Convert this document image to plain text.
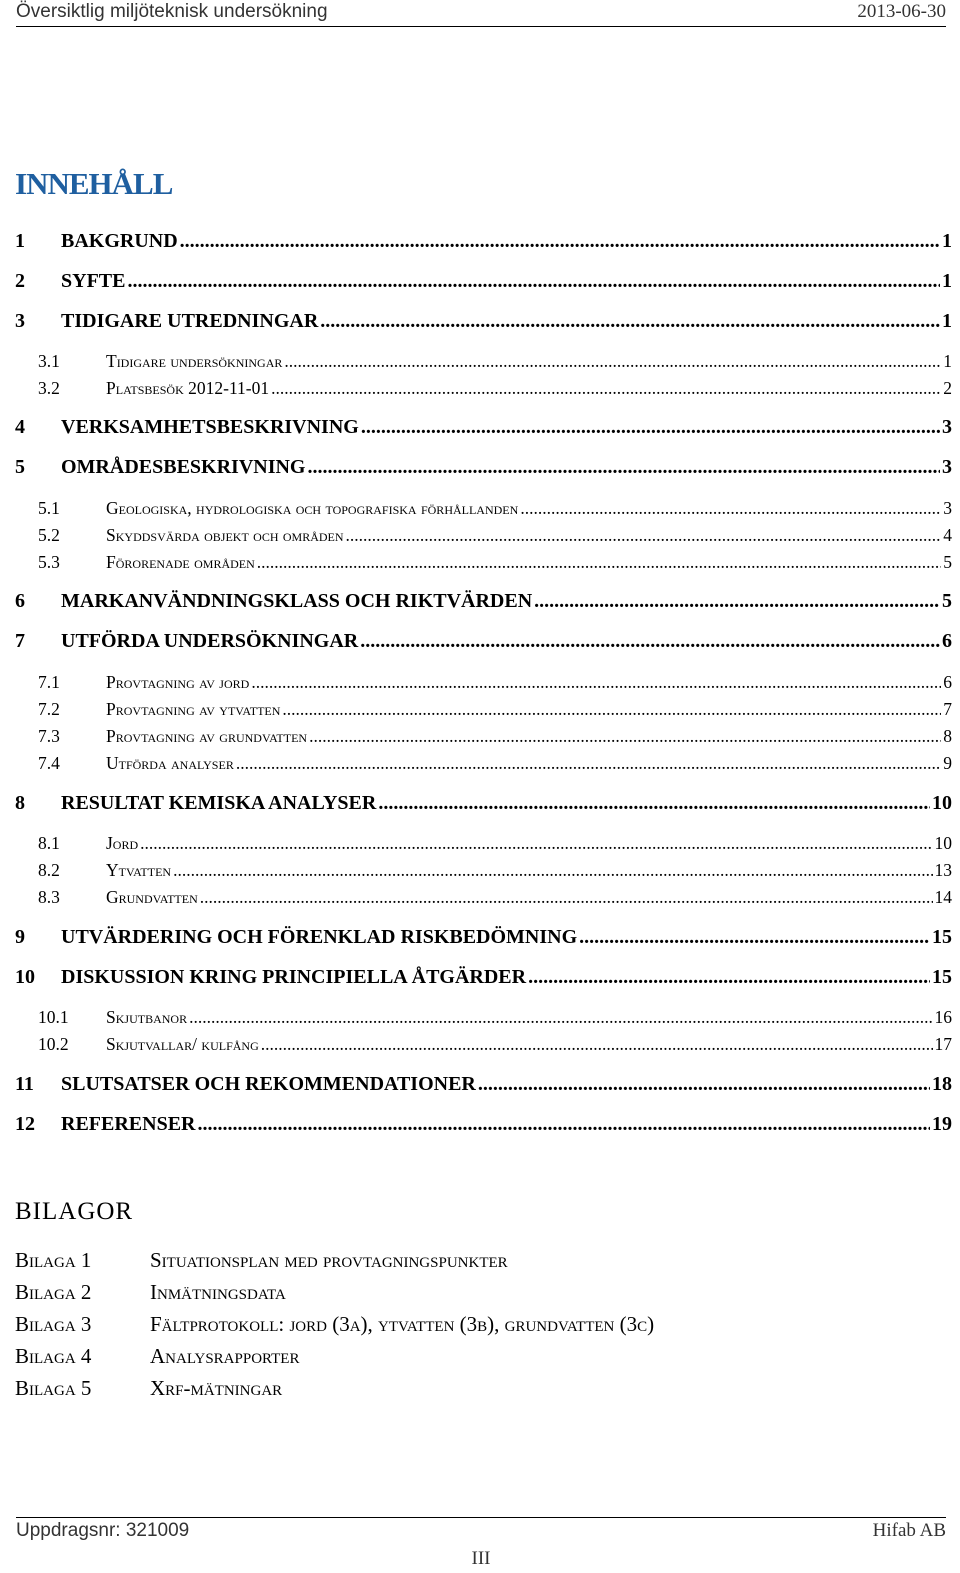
Översiktlig miljöteknisk undersökning	2013-06-30
INNEHÅLL
1	BAKGRUND .....	1
2	SYFTE .....	1
3	TIDIGARE UTREDNINGAR .....	1
3.1	Tidigare undersökningar .....	1
3.2	Platsbesök 2012-11-01 .....	2
4	VERKSAMHETSBESKRIVNING .....	3
5	OMRÅDESBESKRIVNING .....	3
5.1	Geologiska, hydrologiska och topografiska förhållanden .....	3
5.2	Skyddsvärda objekt och områden .....	4
5.3	Förorenade områden .....	5
6	MARKANVÄNDNINGSKLASS OCH RIKTVÄRDEN .....	5
7	UTFÖRDA UNDERSÖKNINGAR .....	6
7.1	Provtagning av jord .....	6
7.2	Provtagning av ytvatten .....	7
7.3	Provtagning av grundvatten .....	8
7.4	Utförda analyser .....	9
8	RESULTAT KEMISKA ANALYSER .....	10
8.1	Jord .....	10
8.2	Ytvatten .....	13
8.3	Grundvatten .....	14
9	UTVÄRDERING OCH FÖRENKLAD RISKBEDÖMNING .....	15
10	DISKUSSION KRING PRINCIPIELLA ÅTGÄRDER .....	15
10.1	Skjutbanor .....	16
10.2	Skjutvallar/ kulfång .....	17
11	SLUTSATSER OCH REKOMMENDATIONER .....	18
12	REFERENSER .....	19
BILAGOR
Bilaga 1	Situationsplan med provtagningspunkter
Bilaga 2	Inmätningsdata
Bilaga 3	Fältprotokoll: jord (3a), ytvatten (3b), grundvatten (3c)
Bilaga 4	Analysrapporter
Bilaga 5	Xrf-mätningar
Uppdragsnr: 321009	Hifab AB
III
